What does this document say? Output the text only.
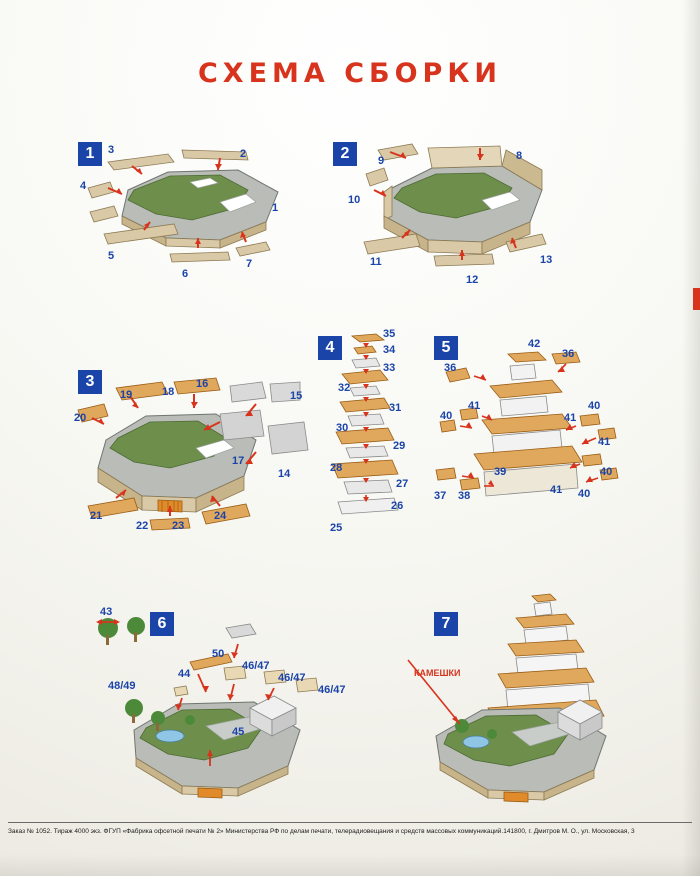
СХЕМА СБОРКИ
1	3	2
4
1
5
6
7
2	9	8
10
11
12
13
3
19	18
16
15
20
17
14
21
22 23
24
4
35
34
33
32
31
30
29
28
27
26
25
5	42
36
36
40
41
41
40
41
40
39
37 38	41 40
6
43
50
46/47
46/47
46/47
44
48/49
45
7
КАМЕШКИ
Заказ № 1052. Тираж 4000 экз. ФГУП «Фабрика офсетной печати № 2» Министерства РФ по делам печати, телерадиовещания и средств массовых коммуникаций.141800, г. Дмитров М. О., ул. Московская, 3
